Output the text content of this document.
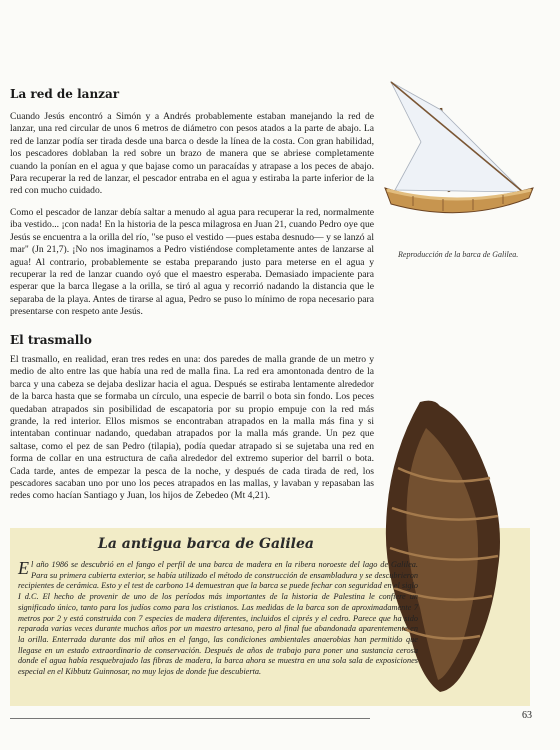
La red de lanzar

Cuando Jesús encontró a Simón y a Andrés probablemente estaban manejando la red de lanzar, una red circular de unos 6 metros de diámetro con pesos atados a la parte de abajo. La red de lanzar podía ser tirada desde una barca o desde la línea de la costa. Con gran habilidad, los pescadores doblaban la red sobre un brazo de manera que se abriese completamente cuando la ponían en el agua y que bajase como un paracaídas y atrapase a los peces de abajo. Para recuperar la red de lanzar, el pescador entraba en el agua y estiraba la parte inferior de la red con mucho cuidado.

Como el pescador de lanzar debía saltar a menudo al agua para recuperar la red, normalmente iba vestido... ¡con nada! En la historia de la pesca milagrosa en Juan 21, cuando Pedro oye que Jesús se encuentra a la orilla del río, "se puso el vestido —pues estaba desnudo— y se lanzó al mar" (Jn 21,7). ¡No nos imaginamos a Pedro vistiéndose completamente antes de lanzarse al agua! Al contrario, probablemente se estaba preparando justo para meterse en el agua y recuperar la red de lanzar cuando oyó que el maestro esperaba. Demasiado impaciente para esperar que la barca llegase a la orilla, se tiró al agua y recorrió nadando la distancia que le separaba de la playa. Antes de tirarse al agua, Pedro se puso lo mínimo de ropa necesario para presentarse con respeto ante Jesús.

El trasmallo

El trasmallo, en realidad, eran tres redes en una: dos paredes de malla grande de un metro y medio de alto entre las que había una red de malla fina. La red era amontonada dentro de la barca y una cabeza se dejaba deslizar hacia el agua. Después se estiraba lentamente alrededor de la barca hasta que se formaba un círculo, una especie de barril o bota sin fondo. Los peces quedaban atrapados sin posibilidad de escapatoria por su propio empuje con la red más grande, la red interior. Ellos mismos se encontraban atrapados en la malla más fina y si intentaban continuar nadando, quedaban atrapados por la malla más grande. Un pez que saltase, como el pez de san Pedro (tilapia), podía quedar atrapado si se sujetaba una red en forma de collar en una estructura de caña alrededor del extremo superior del barril o bota. Cada tarde, antes de empezar la pesca de la noche, y después de cada tirada de red, los pescadores sacaban uno por uno los peces atrapados en las mallas, y lavaban y repasaban las redes como hacían Santiago y Juan, los hijos de Zebedeo (Mt 4,21).

Reproducción de la barca de Galilea.

La antigua barca de Galilea

El año 1986 se descubrió en el fango el perfil de una barca de madera en la ribera noroeste del lago de Galilea. Para su primera cubierta exterior, se había utilizado el método de construcción de ensambladura y se descubrieron recipientes de cerámica. Esto y el test de carbono 14 demuestran que la barca se puede fechar con seguridad en el siglo I d.C. El hecho de provenir de uno de los períodos más importantes de la historia de Palestina le confiere un significado único, tanto para los judíos como para los cristianos. Las medidas de la barca son de aproximadamente 7 metros por 2 y está construida con 7 especies de madera diferentes, incluidos el ciprés y el cedro. Parece que ha sido reparada varias veces durante muchos años por un maestro artesano, pero al final fue abandonada aparentemente en la orilla. Enterrada durante dos mil años en el fango, las condiciones ambientales anaerobias han permitido que llegase en un estado extraordinario de conservación. Después de años de trabajo para poner una sustancia cerosa donde el agua había resquebrajado las fibras de madera, la barca ahora se muestra en una sola sala de exposiciones especial en el Kibbutz Guinnosar, no muy lejos de donde fue descubierta.

63
